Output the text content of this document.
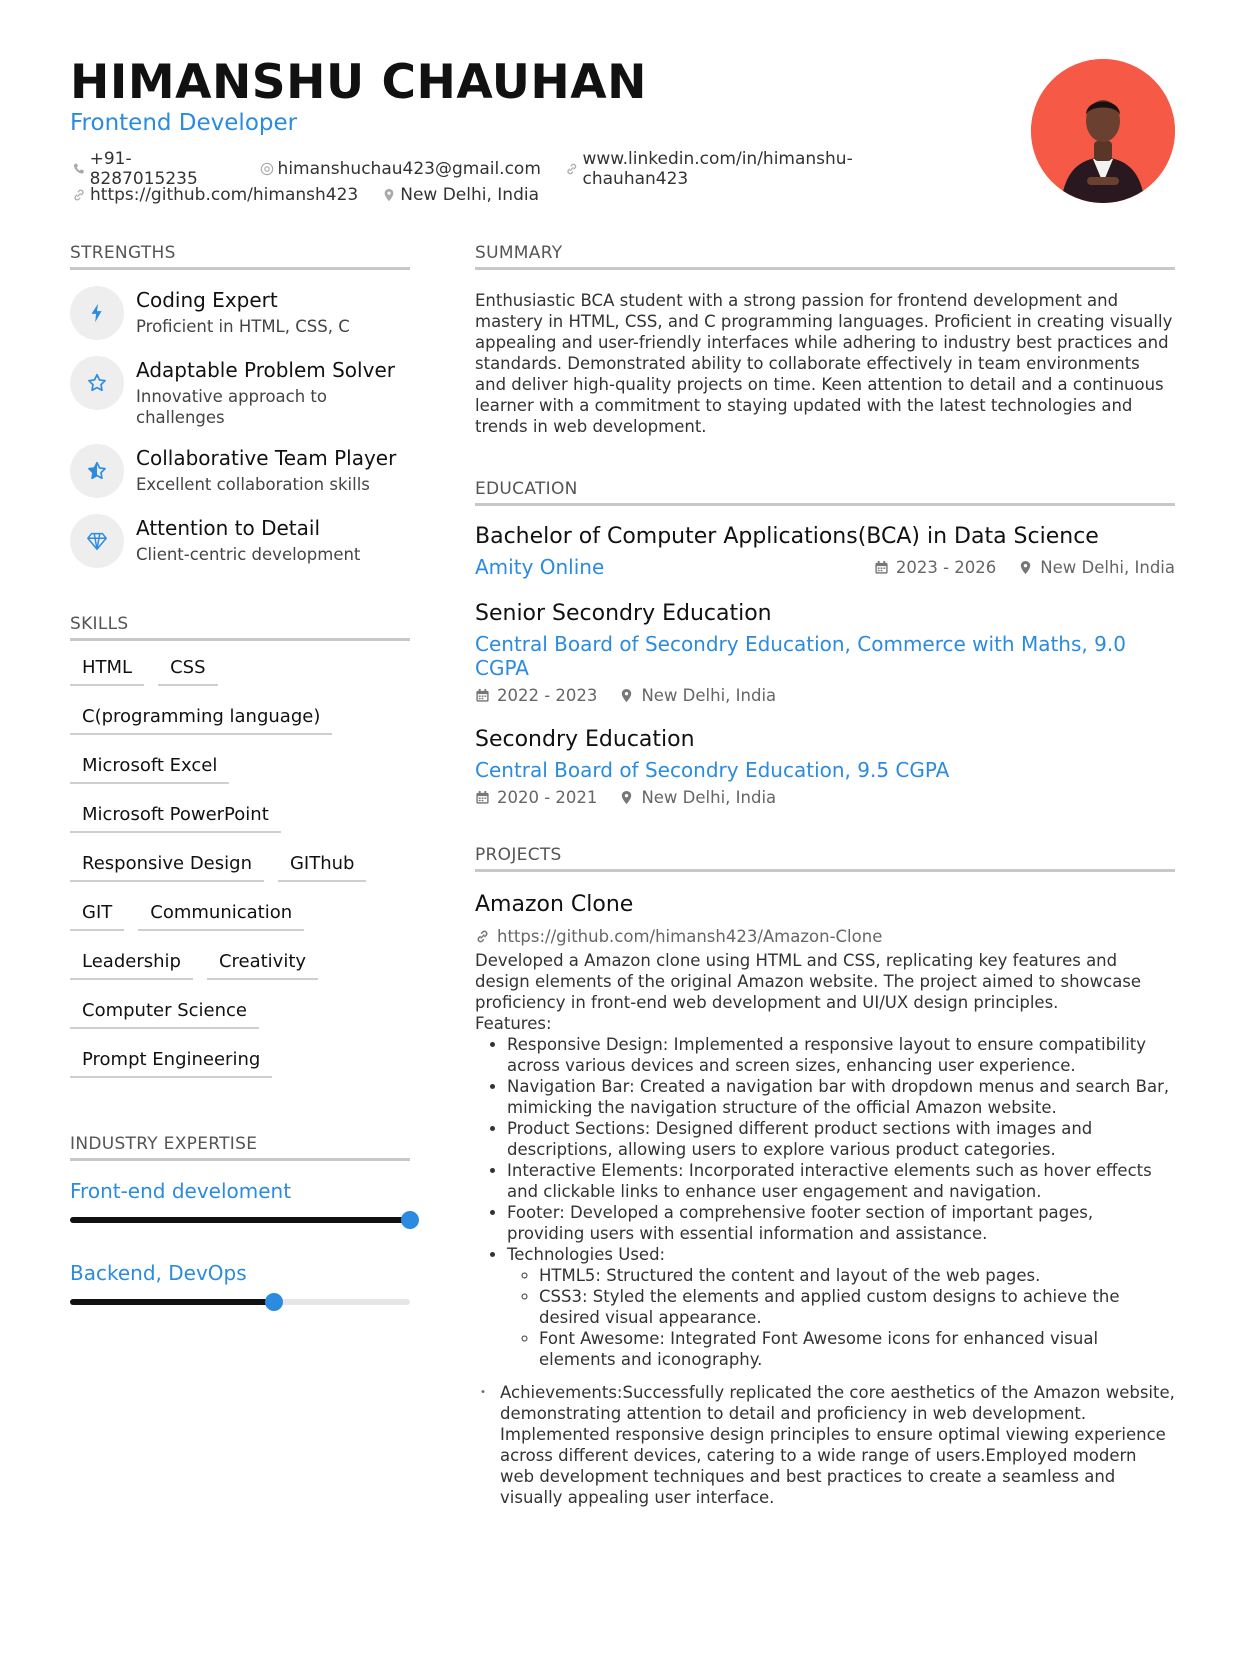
HIMANSHU CHAUHAN
Frontend Developer
+91-8287015235	himanshuchau423@gmail.com www.linkedin.com/in/himanshu-chauhan423
https://github.com/himansh423 New Delhi, India
STRENGTHS
Coding Expert
Proficient in HTML, CSS, C
Adaptable Problem Solver
Innovative approach to challenges
Collaborative Team Player
Excellent collaboration skills
Attention to Detail
Client-centric development
SKILLS
HTML	CSS
C(programming language)
Microsoft Excel
Microsoft PowerPoint
Responsive Design	GIThub
GIT	Communication
Leadership	Creativity
Computer Science
Prompt Engineering
INDUSTRY EXPERTISE
Front-end develoment
Backend, DevOps
SUMMARY
Enthusiastic BCA student with a strong passion for frontend development and mastery in HTML, CSS, and C programming languages. Proficient in creating visually appealing and user-friendly interfaces while adhering to industry best practices and standards. Demonstrated ability to collaborate effectively in team environments and deliver high-quality projects on time. Keen attention to detail and a continuous learner with a commitment to staying updated with the latest technologies and trends in web development.
EDUCATION
Bachelor of Computer Applications(BCA) in Data Science
Amity Online	2023 - 2026	New Delhi, India
Senior Secondry Education
Central Board of Secondry Education, Commerce with Maths, 9.0 CGPA
2022 - 2023	New Delhi, India
Secondry Education
Central Board of Secondry Education, 9.5 CGPA
2020 - 2021	New Delhi, India
PROJECTS
Amazon Clone
https://github.com/himansh423/Amazon-Clone
Developed a Amazon clone using HTML and CSS, replicating key features and design elements of the original Amazon website. The project aimed to showcase proficiency in front-end web development and UI/UX design principles.
Features:
• Responsive Design: Implemented a responsive layout to ensure compatibility across various devices and screen sizes, enhancing user experience.
• Navigation Bar: Created a navigation bar with dropdown menus and search Bar, mimicking the navigation structure of the official Amazon website.
• Product Sections: Designed different product sections with images and descriptions, allowing users to explore various product categories.
• Interactive Elements: Incorporated interactive elements such as hover effects and clickable links to enhance user engagement and navigation.
• Footer: Developed a comprehensive footer section of important pages, providing users with essential information and assistance.
• Technologies Used:
◦ HTML5: Structured the content and layout of the web pages.
◦ CSS3: Styled the elements and applied custom designs to achieve the desired visual appearance.
◦ Font Awesome: Integrated Font Awesome icons for enhanced visual elements and iconography.
• Achievements:Successfully replicated the core aesthetics of the Amazon website, demonstrating attention to detail and proficiency in web development. Implemented responsive design principles to ensure optimal viewing experience across different devices, catering to a wide range of users.Employed modern web development techniques and best practices to create a seamless and visually appealing user interface.
